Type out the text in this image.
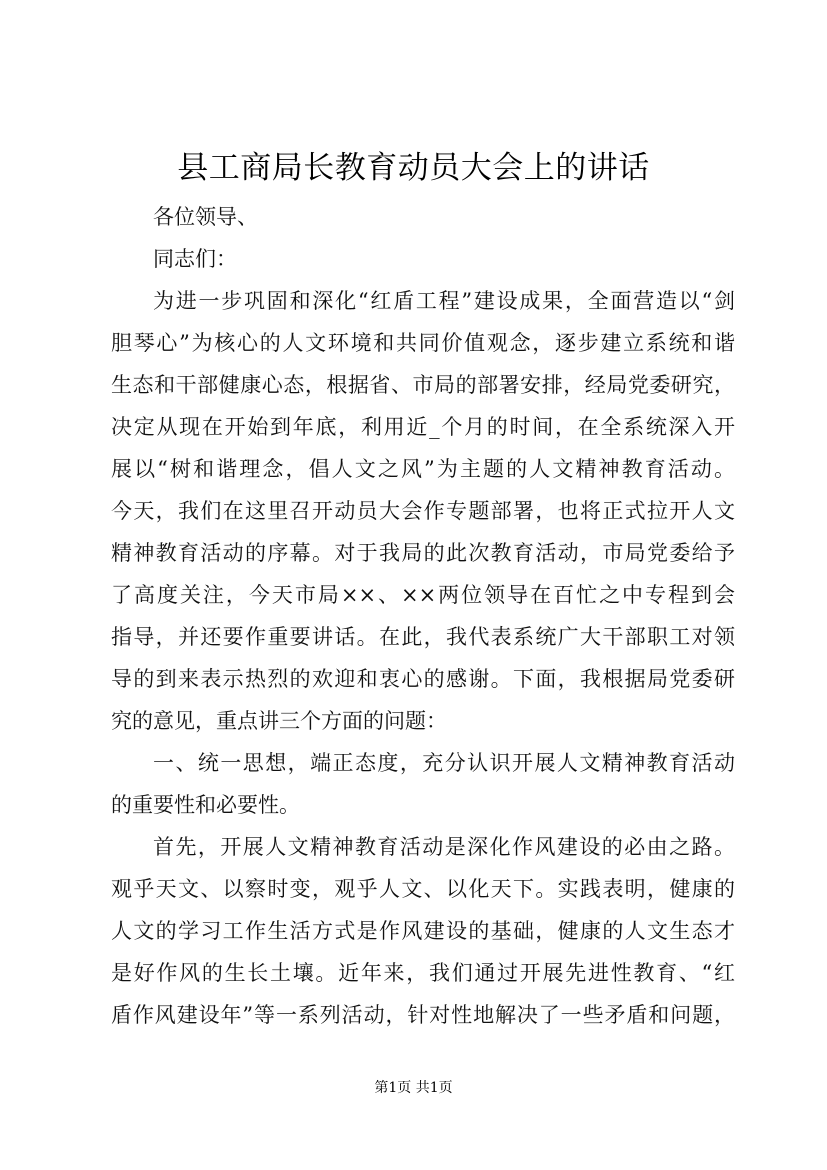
县工商局长教育动员大会上的讲话
各位领导、
同志们：
为进一步巩固和深化“红盾工程”建设成果，全面营造以“剑
胆琴心”为核心的人文环境和共同价值观念，逐步建立系统和谐
生态和干部健康心态，根据省、市局的部署安排，经局党委研究，
决定从现在开始到年底，利用近_个月的时间，在全系统深入开
展以“树和谐理念，倡人文之风”为主题的人文精神教育活动。
今天，我们在这里召开动员大会作专题部署，也将正式拉开人文
精神教育活动的序幕。对于我局的此次教育活动，市局党委给予
了高度关注，今天市局××、××两位领导在百忙之中专程到会
指导，并还要作重要讲话。在此，我代表系统广大干部职工对领
导的到来表示热烈的欢迎和衷心的感谢。下面，我根据局党委研
究的意见，重点讲三个方面的问题：
一、统一思想，端正态度，充分认识开展人文精神教育活动
的重要性和必要性。
首先，开展人文精神教育活动是深化作风建设的必由之路。
观乎天文、以察时变，观乎人文、以化天下。实践表明，健康的
人文的学习工作生活方式是作风建设的基础，健康的人文生态才
是好作风的生长土壤。近年来，我们通过开展先进性教育、“红
盾作风建设年”等一系列活动，针对性地解决了一些矛盾和问题，
第1页 共1页
